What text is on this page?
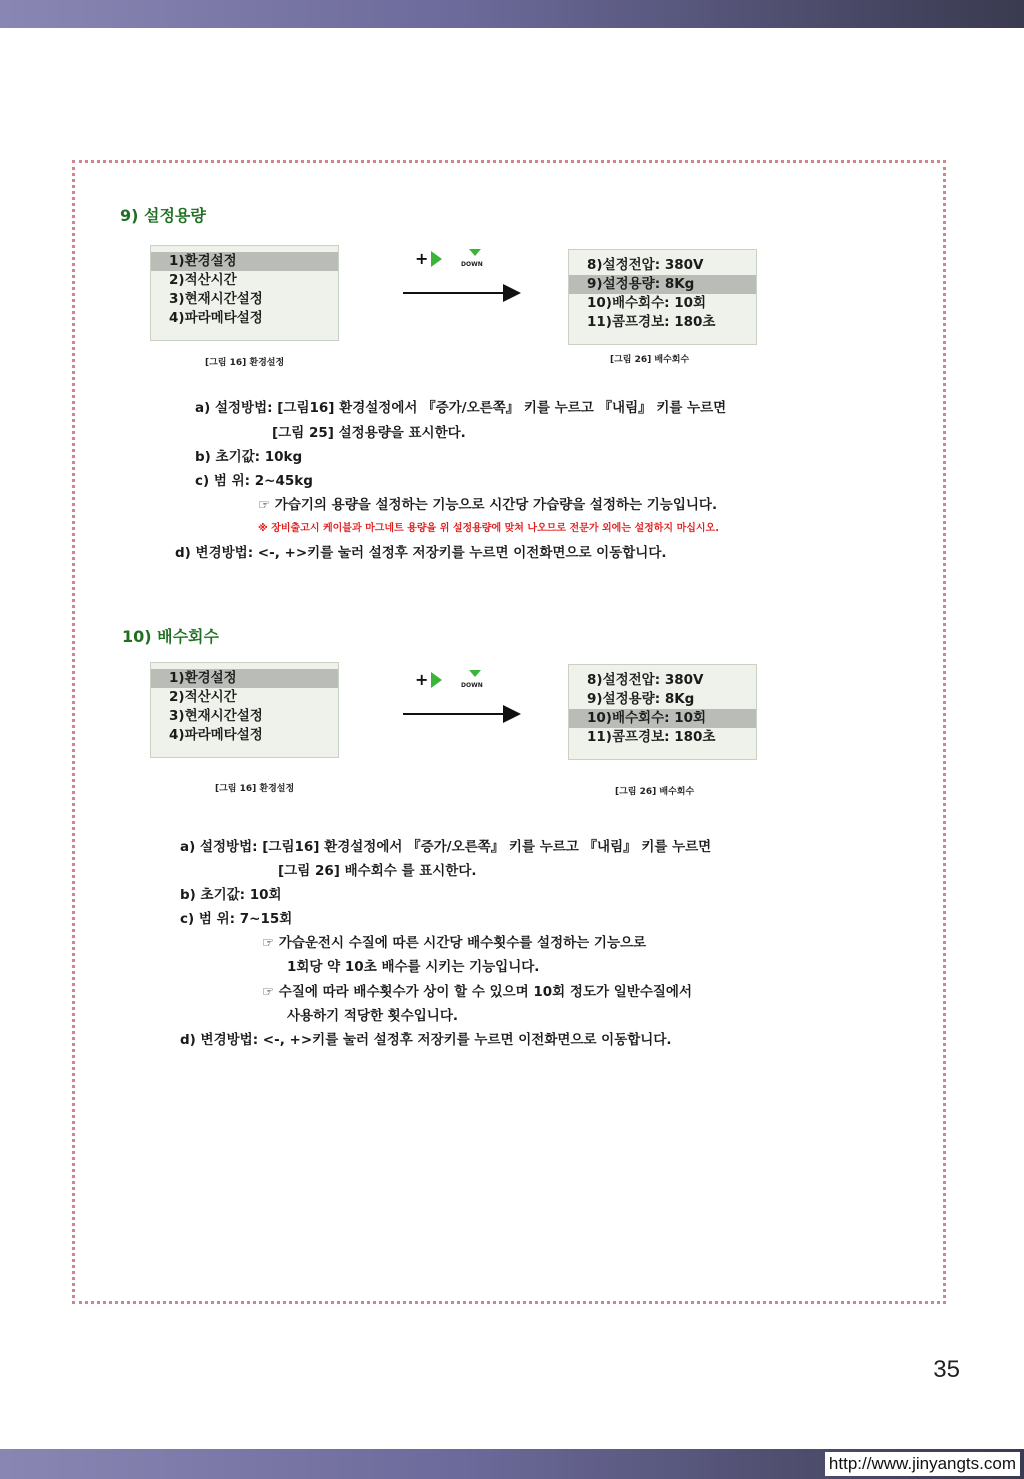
9) 설정용량
1)환경설정
2)적산시간
3)현재시간설정
4)파라메타설정
[그림 16] 환경설정
+	DOWN	8)설정전압: 380V
9)설정용량: 8Kg
10)배수회수: 10회
11)콤프경보: 180초
[그림 26] 배수회수
a) 설정방법: [그림16] 환경설정에서 『증가/오른쪽』 키를 누르고 『내림』 키를 누르면
[그림 25] 설정용량을 표시한다.
b) 초기값: 10kg
c) 범 위: 2~45kg
☞ 가습기의 용량을 설정하는 기능으로 시간당 가습량을 설정하는 기능입니다.
※ 장비출고시 케이블과 마그네트 용량을 위 설정용량에 맞쳐 나오므로 전문가 외에는 설정하지 마십시오.
d) 변경방법: <-, +>키를 눌러 설정후 저장키를 누르면 이전화면으로 이동합니다.
10) 배수회수
1)환경설정
2)적산시간
3)현재시간설정
4)파라메타설정
[그림 16] 환경설정
+	DOWN	8)설정전압: 380V
9)설정용량: 8Kg
10)배수회수: 10회
11)콤프경보: 180초
[그림 26] 배수회수
a) 설정방법: [그림16] 환경설정에서 『증가/오른쪽』 키를 누르고 『내림』 키를 누르면
[그림 26] 배수회수 를 표시한다.
b) 초기값: 10회
c) 범 위: 7~15회
☞ 가습운전시 수질에 따른 시간당 배수횟수를 설정하는 기능으로
1회당 약 10초 배수를 시키는 기능입니다.
☞ 수질에 따라 배수횟수가 상이 할 수 있으며 10회 정도가 일반수질에서
사용하기 적당한 횟수입니다.
d) 변경방법: <-, +>키를 눌러 설정후 저장키를 누르면 이전화면으로 이동합니다.
35
http://www.jinyangts.com
